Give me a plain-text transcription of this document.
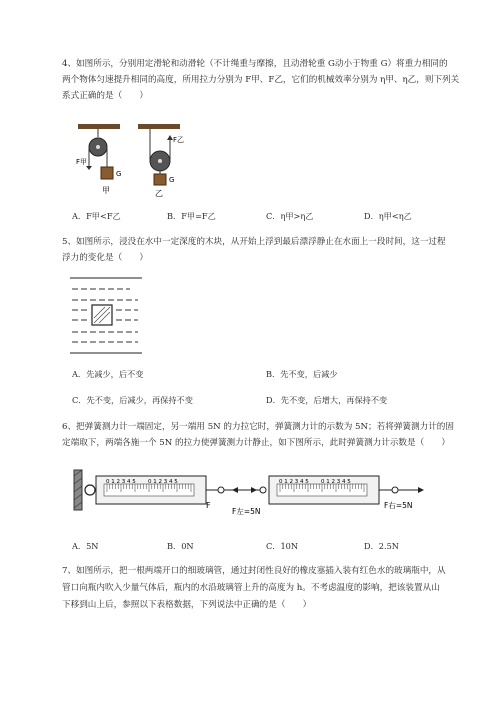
4、如图所示，分别用定滑轮和动滑轮（不计绳重与摩擦，且动滑轮重 G动小于物重 G）将重力相同的
两个物体匀速提升相同的高度，所用拉力分别为 F甲、F乙，它们的机械效率分别为 η甲、η乙，则下列关
系式正确的是（　　）
F甲
G
甲
F乙
G
乙
A．F甲<F乙	B．F甲=F乙	C．η甲>η乙	D．η甲<η乙
5、如图所示，浸没在水中一定深度的木块，从开始上浮到最后漂浮静止在水面上一段时间，这一过程
浮力的变化是（　　）
A．先减少，后不变	B．先不变，后减少
C．先不变，后减少，再保持不变	D．先不变，后增大，再保持不变
6、把弹簧测力计一端固定，另一端用 5N 的力拉它时，弹簧测力计的示数为 5N；若将弹簧测力计的固
定端取下，两端各施一个 5N 的拉力使弹簧测力计静止，如下图所示，此时弹簧测力计示数是（　　）
0 1 2 3 4 5 0 1 2 3 4 5
F
0 1 2 3 4 5 0 1 2 3 4 5
F左=5N
F右=5N
A．5N	B．0N	C．10N	D．2.5N
7、如图所示，把一根两端开口的细玻璃管，通过封闭性良好的橡皮塞插入装有红色水的玻璃瓶中，从
管口向瓶内吹入少量气体后，瓶内的水沿玻璃管上升的高度为 h。不考虑温度的影响，把该装置从山
下移到山上后，参照以下表格数据，下列说法中正确的是（　　）
